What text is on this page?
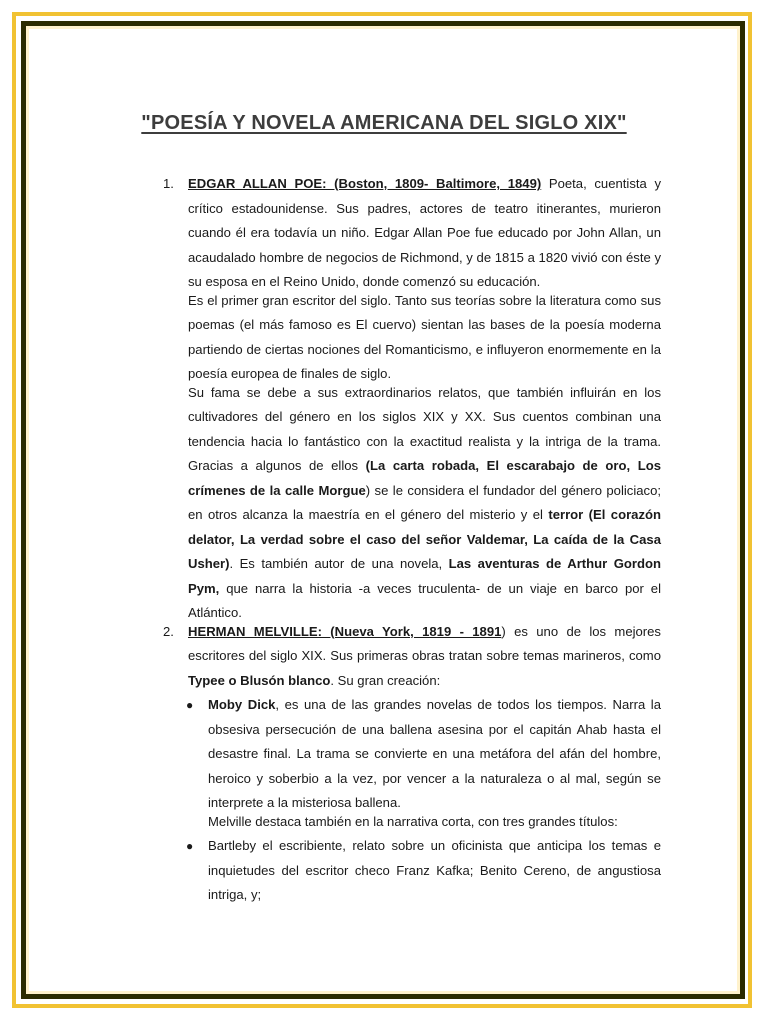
"POESÍA Y NOVELA AMERICANA DEL SIGLO XIX"
1. EDGAR ALLAN POE: (Boston, 1809- Baltimore, 1849) Poeta, cuentista y crítico estadounidense. Sus padres, actores de teatro itinerantes, murieron cuando él era todavía un niño. Edgar Allan Poe fue educado por John Allan, un acaudalado hombre de negocios de Richmond, y de 1815 a 1820 vivió con éste y su esposa en el Reino Unido, donde comenzó su educación.

Es el primer gran escritor del siglo. Tanto sus teorías sobre la literatura como sus poemas (el más famoso es El cuervo) sientan las bases de la poesía moderna partiendo de ciertas nociones del Romanticismo, e influyeron enormemente en la poesía europea de finales de siglo.

Su fama se debe a sus extraordinarios relatos, que también influirán en los cultivadores del género en los siglos XIX y XX. Sus cuentos combinan una tendencia hacia lo fantástico con la exactitud realista y la intriga de la trama. Gracias a algunos de ellos (La carta robada, El escarabajo de oro, Los crímenes de la calle Morgue) se le considera el fundador del género policiaco; en otros alcanza la maestría en el género del misterio y el terror (El corazón delator, La verdad sobre el caso del señor Valdemar, La caída de la Casa Usher). Es también autor de una novela, Las aventuras de Arthur Gordon Pym, que narra la historia -a veces truculenta- de un viaje en barco por el Atlántico.

2. HERMAN MELVILLE: (Nueva York, 1819 - 1891) es uno de los mejores escritores del siglo XIX. Sus primeras obras tratan sobre temas marineros, como Typee o Blusón blanco. Su gran creación:

● Moby Dick, es una de las grandes novelas de todos los tiempos. Narra la obsesiva persecución de una ballena asesina por el capitán Ahab hasta el desastre final. La trama se convierte en una metáfora del afán del hombre, heroico y soberbio a la vez, por vencer a la naturaleza o al mal, según se interprete a la misteriosa ballena.

Melville destaca también en la narrativa corta, con tres grandes títulos:

● Bartleby el escribiente, relato sobre un oficinista que anticipa los temas e inquietudes del escritor checo Franz Kafka; Benito Cereno, de angustiosa intriga, y;
